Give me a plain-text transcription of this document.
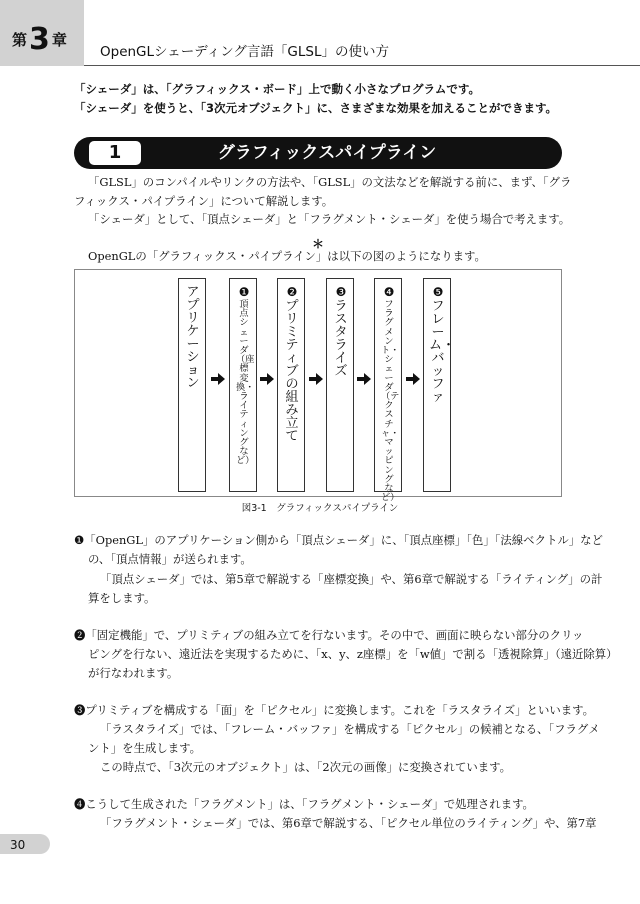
第3 章
OpenGLシェーディング言語「GLSL」の使い方
「シェーダ」は、「グラフィックス・ボード」上で動く小さなプログラムです。
「シェーダ」を使うと、「3次元オブジェクト」に、さまざまな効果を加えることができます。
1	グラフィックスパイプライン
「GLSL」のコンパイルやリンクの方法や、「GLSL」の文法などを解説する前に、まず、「グラ
フィックス・パイプライン」について解説します。
「シェーダ」として、「頂点シェーダ」と「フラグメント・シェーダ」を使う場合で考えます。
＊
OpenGLの「グラフィックス・パイプライン」は以下の図のようになります。
アプリケーション
❶
頂点シェーダ（座標変換・ライティングなど）
❷
プリミティブの組み立て
❸
ラスタライズ
❹
フラグメント・シェーダ（テクスチャ・マッピングなど）
❺
フレーム・バッファ
図3-1　グラフィックスパイプライン
❶「OpenGL」のアプリケーション側から「頂点シェーダ」に、「頂点座標」「色」「法線ベクトル」など
の、「頂点情報」が送られます。
「頂点シェーダ」では、第5章で解説する「座標変換」や、第6章で解説する「ライティング」の計
算をします。
❷「固定機能」で、プリミティブの組み立てを行ないます。その中で、画面に映らない部分のクリッ
ピングを行ない、遠近法を実現するために、「x、y、z座標」を「w値」で割る「透視除算」（遠近除算）
が行なわれます。
❸プリミティブを構成する「面」を「ピクセル」に変換します。これを「ラスタライズ」といいます。
「ラスタライズ」では、「フレーム・バッファ」を構成する「ピクセル」の候補となる、「フラグメ
ント」を生成します。
この時点で、「3次元のオブジェクト」は、「2次元の画像」に変換されています。
❹こうして生成された「フラグメント」は、「フラグメント・シェーダ」で処理されます。
「フラグメント・シェーダ」では、第6章で解説する、「ピクセル単位のライティング」や、第7章
30
